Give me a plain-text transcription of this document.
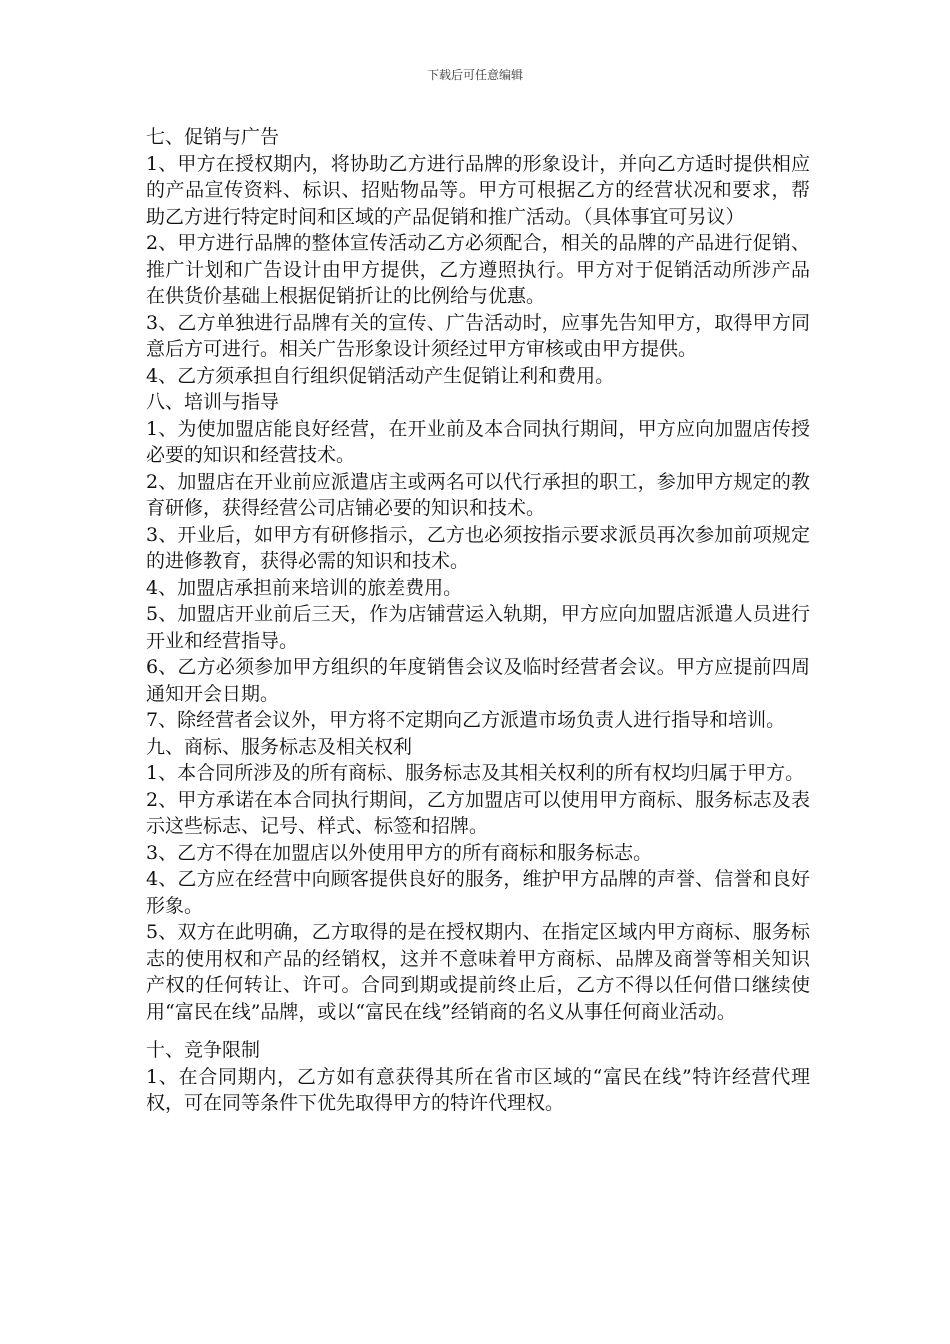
下载后可任意编辑

七、促销与广告

1、甲方在授权期内，将协助乙方进行品牌的形象设计，并向乙方适时提供相应的产品宣传资料、标识、招贴物品等。甲方可根据乙方的经营状况和要求，帮助乙方进行特定时间和区域的产品促销和推广活动。（具体事宜可另议）

2、甲方进行品牌的整体宣传活动乙方必须配合，相关的品牌的产品进行促销、推广计划和广告设计由甲方提供，乙方遵照执行。甲方对于促销活动所涉产品在供货价基础上根据促销折让的比例给与优惠。

3、乙方单独进行品牌有关的宣传、广告活动时，应事先告知甲方，取得甲方同意后方可进行。相关广告形象设计须经过甲方审核或由甲方提供。

4、乙方须承担自行组织促销活动产生促销让利和费用。

八、培训与指导

1、为使加盟店能良好经营，在开业前及本合同执行期间，甲方应向加盟店传授必要的知识和经营技术。

2、加盟店在开业前应派遣店主或两名可以代行承担的职工，参加甲方规定的教育研修，获得经营公司店铺必要的知识和技术。

3、开业后，如甲方有研修指示，乙方也必须按指示要求派员再次参加前项规定的进修教育，获得必需的知识和技术。

4、加盟店承担前来培训的旅差费用。

5、加盟店开业前后三天，作为店铺营运入轨期，甲方应向加盟店派遣人员进行开业和经营指导。

6、乙方必须参加甲方组织的年度销售会议及临时经营者会议。甲方应提前四周通知开会日期。

7、除经营者会议外，甲方将不定期向乙方派遣市场负责人进行指导和培训。

九、商标、服务标志及相关权利

1、本合同所涉及的所有商标、服务标志及其相关权利的所有权均归属于甲方。

2、甲方承诺在本合同执行期间，乙方加盟店可以使用甲方商标、服务标志及表示这些标志、记号、样式、标签和招牌。

3、乙方不得在加盟店以外使用甲方的所有商标和服务标志。

4、乙方应在经营中向顾客提供良好的服务，维护甲方品牌的声誉、信誉和良好形象。

5、双方在此明确，乙方取得的是在授权期内、在指定区域内甲方商标、服务标志的使用权和产品的经销权，这并不意味着甲方商标、品牌及商誉等相关知识产权的任何转让、许可。合同到期或提前终止后，乙方不得以任何借口继续使用“富民在线”品牌，或以“富民在线”经销商的名义从事任何商业活动。

十、竞争限制

1、在合同期内，乙方如有意获得其所在省市区域的“富民在线”特许经营代理权，可在同等条件下优先取得甲方的特许代理权。
